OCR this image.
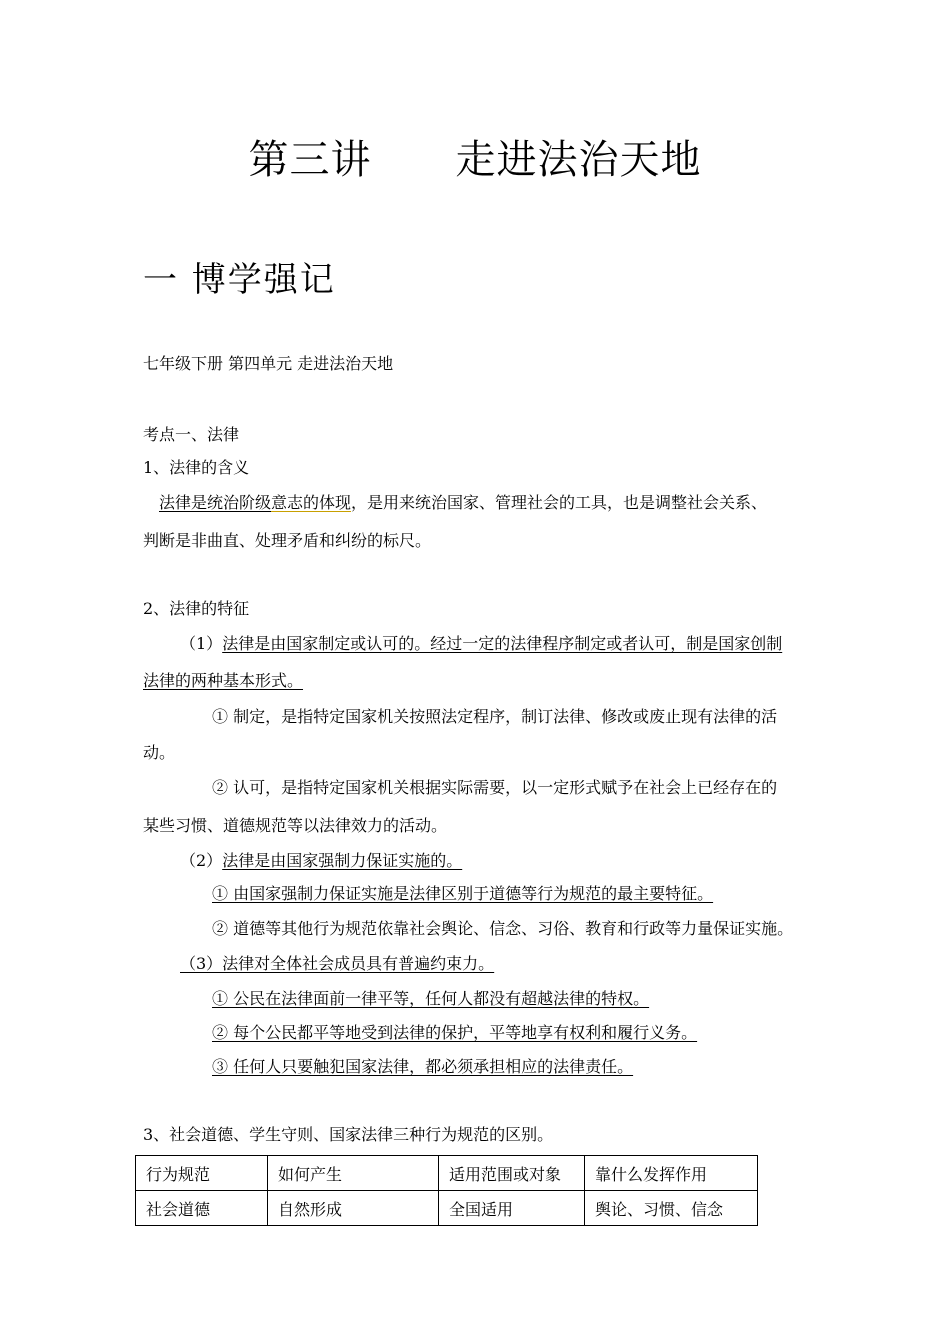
第三讲 走进法治天地
一 博学强记
七年级下册 第四单元 走进法治天地
考点一、法律
1、法律的含义
法律是统治阶级意志的体现，是用来统治国家、管理社会的工具，也是调整社会关系、
判断是非曲直、处理矛盾和纠纷的标尺。
2、法律的特征
（1）法律是由国家制定或认可的。经过一定的法律程序制定或者认可，制是国家创制
法律的两种基本形式。
① 制定，是指特定国家机关按照法定程序，制订法律、修改或废止现有法律的活
动。
② 认可，是指特定国家机关根据实际需要，以一定形式赋予在社会上已经存在的
某些习惯、道德规范等以法律效力的活动。
（2）法律是由国家强制力保证实施的。
① 由国家强制力保证实施是法律区别于道德等行为规范的最主要特征。
② 道德等其他行为规范依靠社会舆论、信念、习俗、教育和行政等力量保证实施。
（3）法律对全体社会成员具有普遍约束力。
① 公民在法律面前一律平等，任何人都没有超越法律的特权。
② 每个公民都平等地受到法律的保护，平等地享有权利和履行义务。
③ 任何人只要触犯国家法律，都必须承担相应的法律责任。
3、社会道德、学生守则、国家法律三种行为规范的区别。
行为规范	如何产生	适用范围或对象	靠什么发挥作用
社会道德	自然形成	全国适用	舆论、习惯、信念
